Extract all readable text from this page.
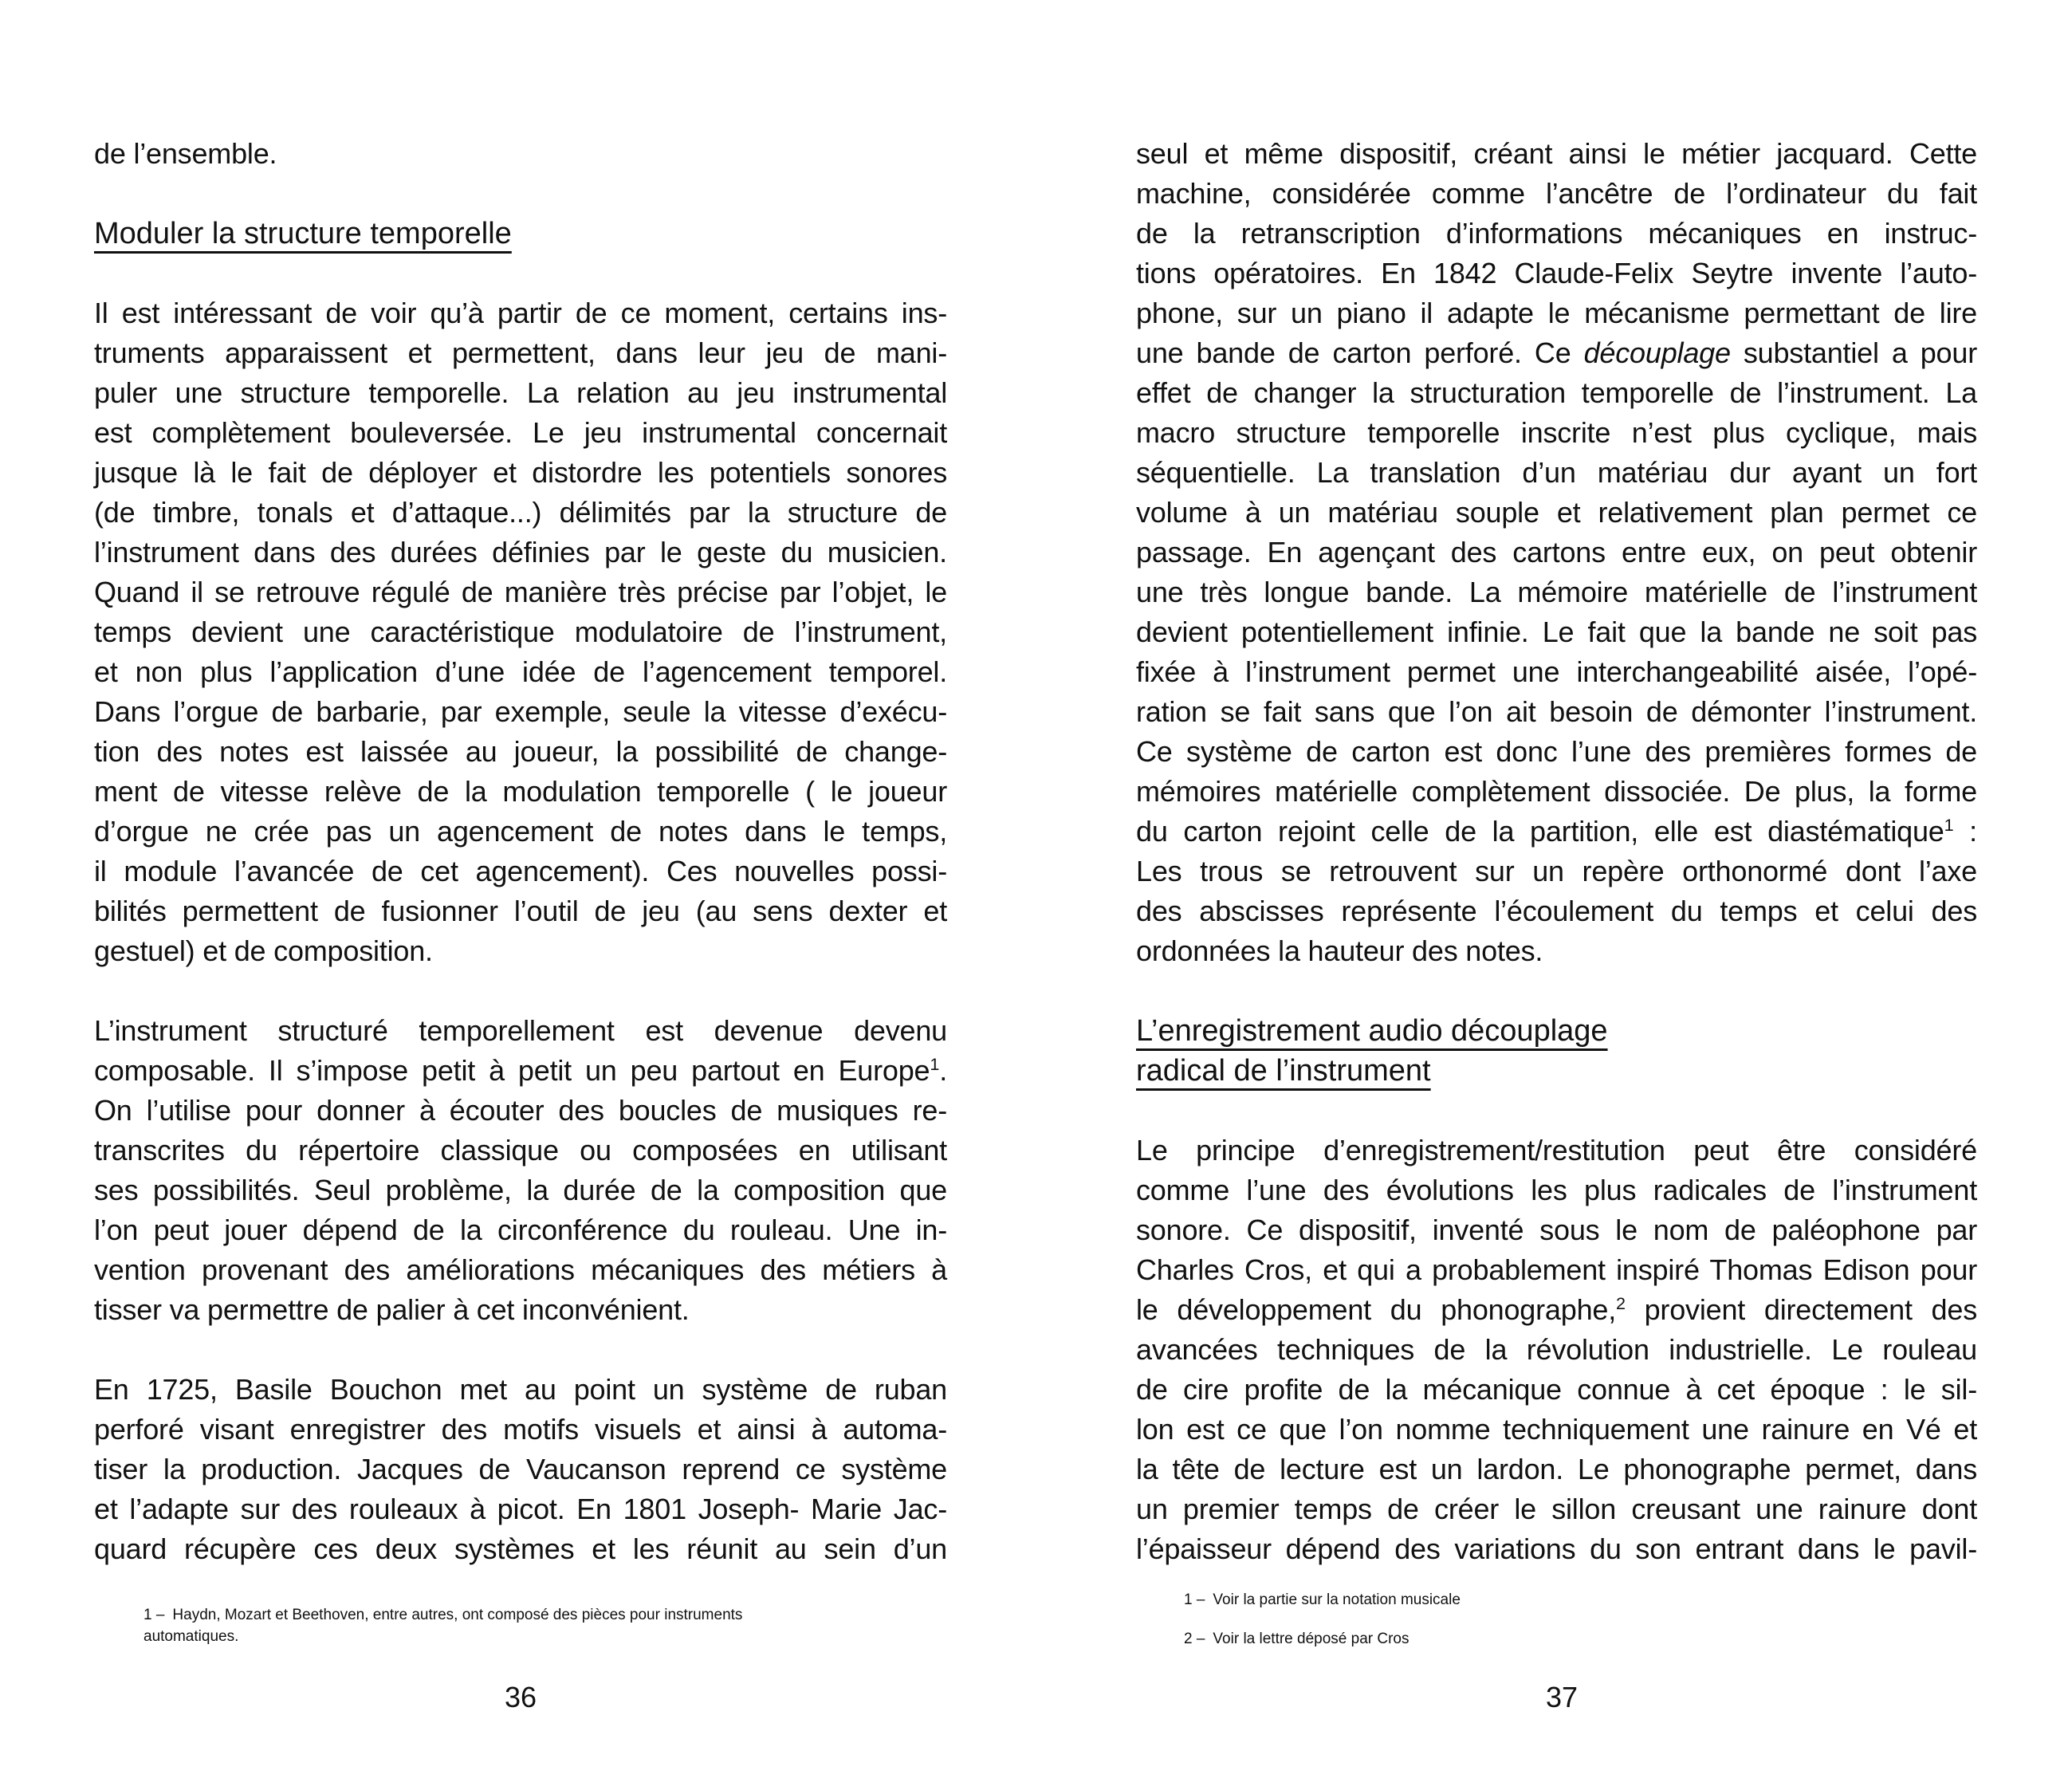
de l’ensemble.
Moduler la structure temporelle
Il est intéressant de voir qu’à partir de ce moment, certains ins-
truments apparaissent et permettent, dans leur jeu de mani-
puler une structure temporelle. La relation au jeu instrumental
est complètement bouleversée. Le jeu instrumental concernait
jusque là le fait de déployer et distordre les potentiels sonores
(de timbre, tonals et d’attaque...) délimités par la structure de
l’instrument dans des durées définies par le geste du musicien.
Quand il se retrouve régulé de manière très précise par l’objet, le
temps devient une caractéristique modulatoire de l’instrument,
et non plus l’application d’une idée de l’agencement temporel.
Dans l’orgue de barbarie, par exemple, seule la vitesse d’exécu-
tion des notes est laissée au joueur, la possibilité de change-
ment de vitesse relève de la modulation temporelle ( le joueur
d’orgue ne crée pas un agencement de notes dans le temps,
il module l’avancée de cet agencement). Ces nouvelles possi-
bilités permettent de fusionner l’outil de jeu (au sens dexter et
gestuel) et de composition.
L’instrument structuré temporellement est devenue devenu
composable. Il s’impose petit à petit un peu partout en Europe$^1$.
On l’utilise pour donner à écouter des boucles de musiques re-
transcrites du répertoire classique ou composées en utilisant
ses possibilités. Seul problème, la durée de la composition que
l’on peut jouer dépend de la circonférence du rouleau. Une in-
vention provenant des améliorations mécaniques des métiers à
tisser va permettre de palier à cet inconvénient.
En 1725, Basile Bouchon met au point un système de ruban
perforé visant enregistrer des motifs visuels et ainsi à automa-
tiser la production. Jacques de Vaucanson reprend ce système
et l’adapte sur des rouleaux à picot. En 1801 Joseph- Marie Jac-
quard récupère ces deux systèmes et les réunit au sein d’un
1 – Haydn, Mozart et Beethoven, entre autres, ont composé des pièces pour instruments
automatiques.
36
seul et même dispositif, créant ainsi le métier jacquard. Cette
machine, considérée comme l’ancêtre de l’ordinateur du fait
de la retranscription d’informations mécaniques en instruc-
tions opératoires. En 1842 Claude-Felix Seytre invente l’auto-
phone, sur un piano il adapte le mécanisme permettant de lire
une bande de carton perforé. Ce découplage substantiel a pour
effet de changer la structuration temporelle de l’instrument. La
macro structure temporelle inscrite n’est plus cyclique, mais
séquentielle. La translation d’un matériau dur ayant un fort
volume à un matériau souple et relativement plan permet ce
passage. En agençant des cartons entre eux, on peut obtenir
une très longue bande. La mémoire matérielle de l’instrument
devient potentiellement infinie. Le fait que la bande ne soit pas
fixée à l’instrument permet une interchangeabilité aisée, l’opé-
ration se fait sans que l’on ait besoin de démonter l’instrument.
Ce système de carton est donc l’une des premières formes de
mémoires matérielle complètement dissociée. De plus, la forme
du carton rejoint celle de la partition, elle est diastématique$^1$ :
Les trous se retrouvent sur un repère orthonormé dont l’axe
des abscisses représente l’écoulement du temps et celui des
ordonnées la hauteur des notes.
L’enregistrement audio découplage
radical de l’instrument
Le principe d’enregistrement/restitution peut être considéré
comme l’une des évolutions les plus radicales de l’instrument
sonore. Ce dispositif, inventé sous le nom de paléophone par
Charles Cros, et qui a probablement inspiré Thomas Edison pour
le développement du phonographe,$^2$ provient directement des
avancées techniques de la révolution industrielle. Le rouleau
de cire profite de la mécanique connue à cet époque : le sil-
lon est ce que l’on nomme techniquement une rainure en Vé et
la tête de lecture est un lardon. Le phonographe permet, dans
un premier temps de créer le sillon creusant une rainure dont
l’épaisseur dépend des variations du son entrant dans le pavil-
1 – Voir la partie sur la notation musicale
2 – Voir la lettre déposé par Cros
37
